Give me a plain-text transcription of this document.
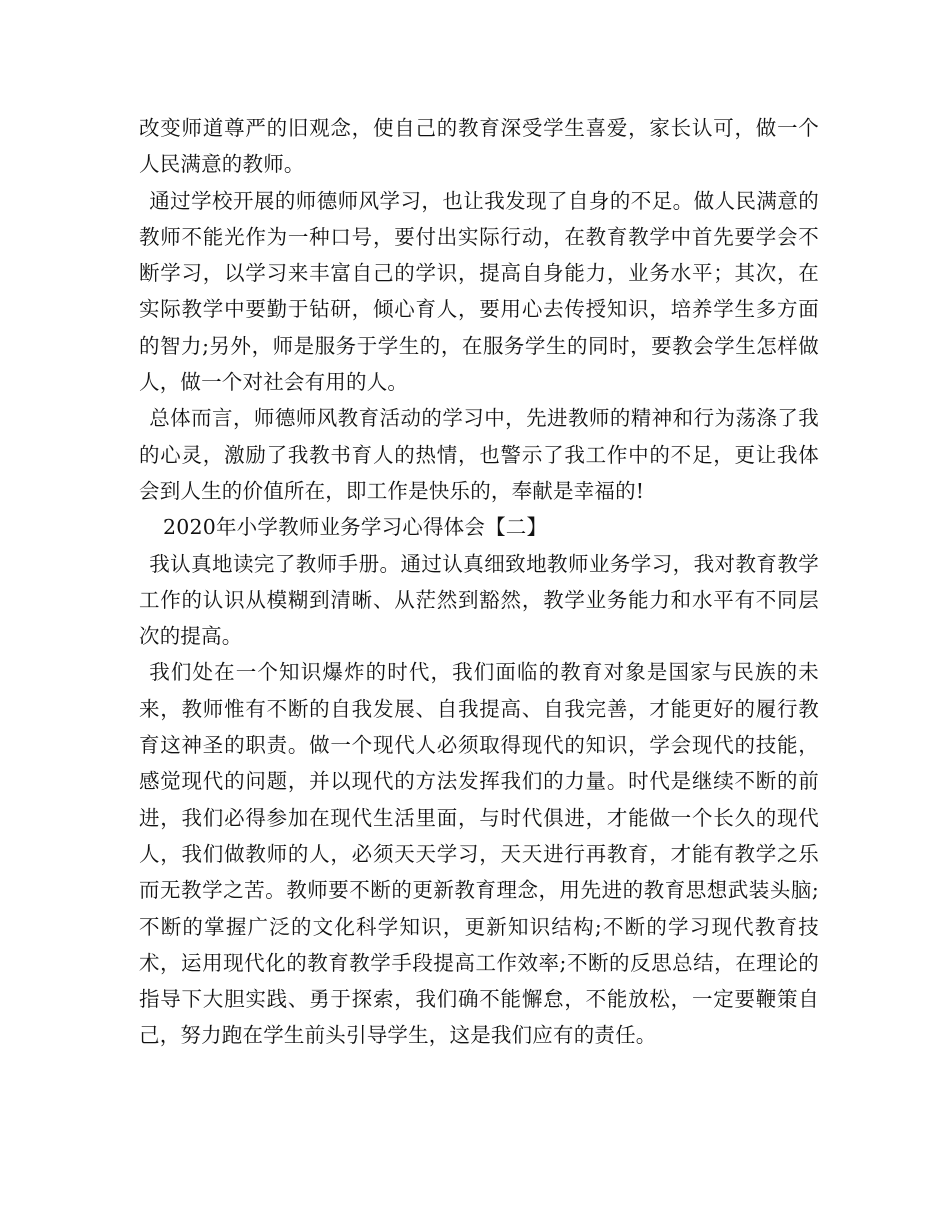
改变师道尊严的旧观念，使自己的教育深受学生喜爱，家长认可，做一个人民满意的教师。

通过学校开展的师德师风学习，也让我发现了自身的不足。做人民满意的教师不能光作为一种口号，要付出实际行动，在教育教学中首先要学会不断学习，以学习来丰富自己的学识，提高自身能力，业务水平；其次，在实际教学中要勤于钻研，倾心育人，要用心去传授知识，培养学生多方面的智力;另外，师是服务于学生的，在服务学生的同时，要教会学生怎样做人，做一个对社会有用的人。

总体而言，师德师风教育活动的学习中，先进教师的精神和行为荡涤了我的心灵，激励了我教书育人的热情，也警示了我工作中的不足，更让我体会到人生的价值所在，即工作是快乐的，奉献是幸福的!

2020年小学教师业务学习心得体会【二】

我认真地读完了教师手册。通过认真细致地教师业务学习，我对教育教学工作的认识从模糊到清晰、从茫然到豁然，教学业务能力和水平有不同层次的提高。

我们处在一个知识爆炸的时代，我们面临的教育对象是国家与民族的未来，教师惟有不断的自我发展、自我提高、自我完善，才能更好的履行教育这神圣的职责。做一个现代人必须取得现代的知识，学会现代的技能，感觉现代的问题，并以现代的方法发挥我们的力量。时代是继续不断的前进，我们必得参加在现代生活里面，与时代俱进，才能做一个长久的现代人，我们做教师的人，必须天天学习，天天进行再教育，才能有教学之乐而无教学之苦。教师要不断的更新教育理念，用先进的教育思想武装头脑;不断的掌握广泛的文化科学知识，更新知识结构;不断的学习现代教育技术，运用现代化的教育教学手段提高工作效率;不断的反思总结，在理论的指导下大胆实践、勇于探索，我们确不能懈怠，不能放松，一定要鞭策自己，努力跑在学生前头引导学生，这是我们应有的责任。
